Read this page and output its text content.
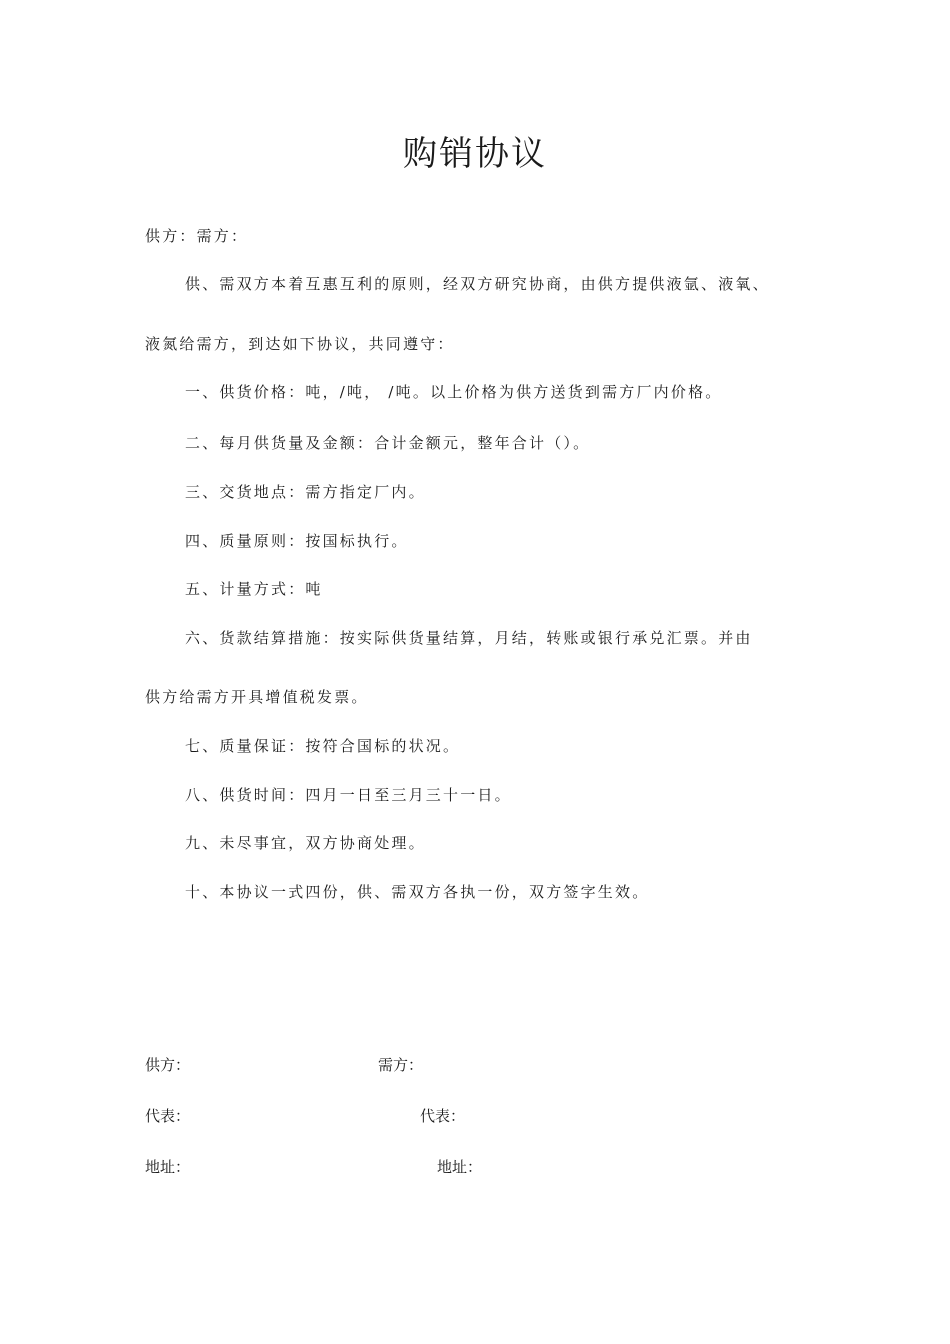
购销协议

供方：需方：

供、需双方本着互惠互利的原则，经双方研究协商，由供方提供液氩、液氧、

液氮给需方，到达如下协议，共同遵守：

一、供货价格：吨，/吨， /吨。以上价格为供方送货到需方厂内价格。

二、每月供货量及金额：合计金额元，整年合计（）。

三、交货地点：需方指定厂内。

四、质量原则：按国标执行。

五、计量方式：吨

六、货款结算措施：按实际供货量结算，月结，转账或银行承兑汇票。并由

供方给需方开具增值税发票。

七、质量保证：按符合国标的状况。

八、供货时间：四月一日至三月三十一日。

九、未尽事宜，双方协商处理。

十、本协议一式四份，供、需双方各执一份，双方签字生效。

供方：	需方：
代表：	代表：
地址：	地址：
